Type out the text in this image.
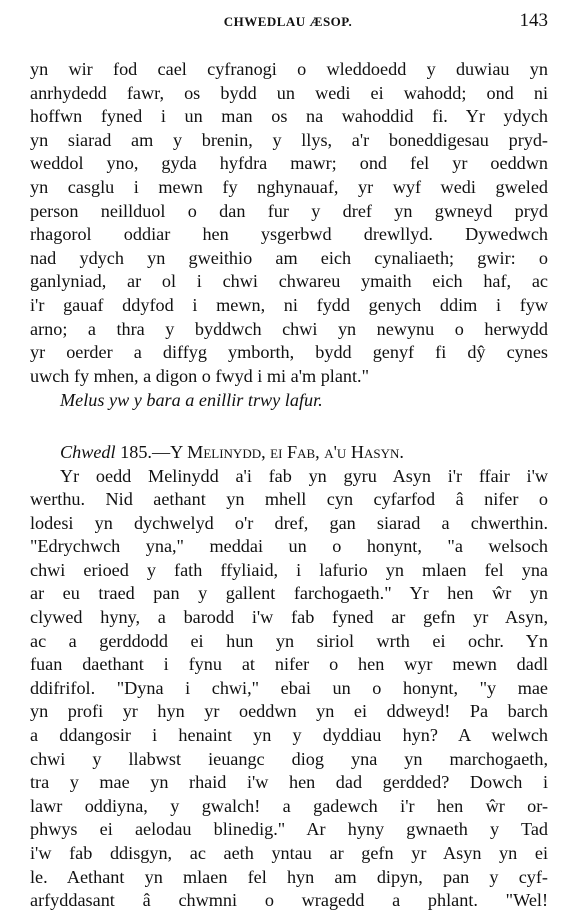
CHWEDLAU ÆSOP.	143
yn wir fod cael cyfranogi o wleddoedd y duwiau yn
anrhydedd fawr, os bydd un wedi ei wahodd; ond ni
hoffwn fyned i un man os na wahoddid fi. Yr ydych
yn siarad am y brenin, y llys, a'r boneddigesau pryd-
weddol yno, gyda hyfdra mawr; ond fel yr oeddwn
yn casglu i mewn fy nghynauaf, yr wyf wedi gweled
person neillduol o dan fur y dref yn gwneyd pryd
rhagorol oddiar hen ysgerbwd drewllyd. Dywedwch
nad ydych yn gweithio am eich cynaliaeth; gwir: o
ganlyniad, ar ol i chwi chwareu ymaith eich haf, ac
i'r gauaf ddyfod i mewn, ni fydd genych ddim i fyw
arno; a thra y byddwch chwi yn newynu o herwydd
yr oerder a diffyg ymborth, bydd genyf fi dŷ cynes
uwch fy mhen, a digon o fwyd i mi a'm plant."
Melus yw y bara a enillir trwy lafur.
Chwedl 185.—Y Melinydd, ei Fab, a'u Hasyn.
Yr oedd Melinydd a'i fab yn gyru Asyn i'r ffair i'w
werthu. Nid aethant yn mhell cyn cyfarfod â nifer o
lodesi yn dychwelyd o'r dref, gan siarad a chwerthin.
"Edrychwch yna," meddai un o honynt, "a welsoch
chwi erioed y fath ffyliaid, i lafurio yn mlaen fel yna
ar eu traed pan y gallent farchogaeth." Yr hen ŵr yn
clywed hyny, a barodd i'w fab fyned ar gefn yr Asyn,
ac a gerddodd ei hun yn siriol wrth ei ochr. Yn
fuan daethant i fynu at nifer o hen wyr mewn dadl
ddifrifol. "Dyna i chwi," ebai un o honynt, "y mae
yn profi yr hyn yr oeddwn yn ei ddweyd! Pa barch
a ddangosir i henaint yn y dyddiau hyn? A welwch
chwi y llabwst ieuangc diog yna yn marchogaeth,
tra y mae yn rhaid i'w hen dad gerdded? Dowch i
lawr oddiyna, y gwalch! a gadewch i'r hen ŵr or-
phwys ei aelodau blinedig." Ar hyny gwnaeth y Tad
i'w fab ddisgyn, ac aeth yntau ar gefn yr Asyn yn ei
le. Aethant yn mlaen fel hyn am dipyn, pan y cyf-
arfyddasant â chwmni o wragedd a phlant. "Wel!
